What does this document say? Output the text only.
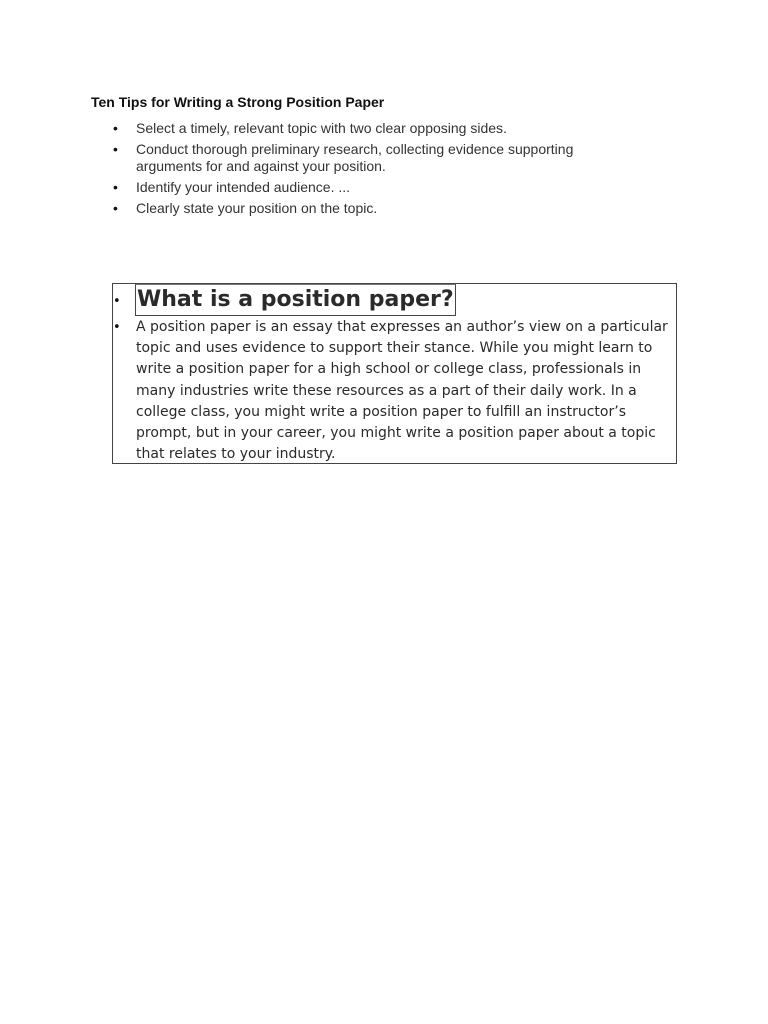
Ten Tips for Writing a Strong Position Paper
• Select a timely, relevant topic with two clear opposing sides.
• Conduct thorough preliminary research, collecting evidence supporting arguments for and against your position.
• Identify your intended audience. ...
• Clearly state your position on the topic.
• What is a position paper?
• A position paper is an essay that expresses an author’s view on a particular topic and uses evidence to support their stance. While you might learn to write a position paper for a high school or college class, professionals in many industries write these resources as a part of their daily work. In a college class, you might write a position paper to fulfill an instructor’s prompt, but in your career, you might write a position paper about a topic that relates to your industry.
